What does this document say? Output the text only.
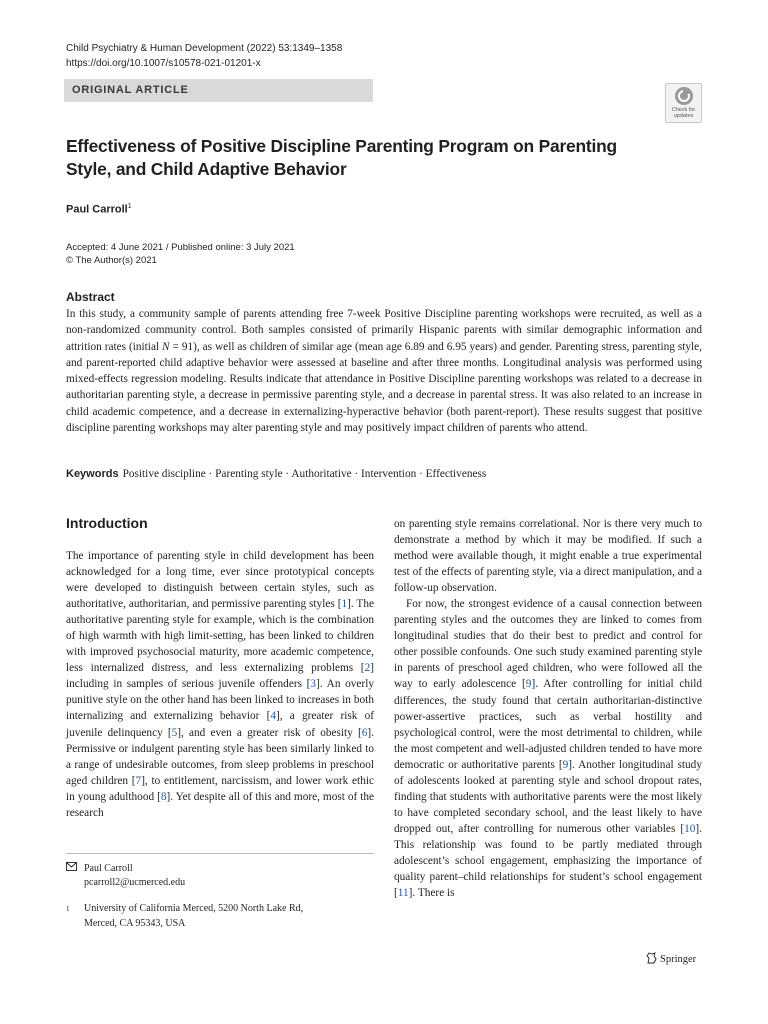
Child Psychiatry & Human Development (2022) 53:1349–1358
https://doi.org/10.1007/s10578-021-01201-x
ORIGINAL ARTICLE
Check for
updates
Effectiveness of Positive Discipline Parenting Program on Parenting Style, and Child Adaptive Behavior
Paul Carroll$^1$
Accepted: 4 June 2021 / Published online: 3 July 2021
© The Author(s) 2021
Abstract

In this study, a community sample of parents attending free 7-week Positive Discipline parenting workshops were recruited, as well as a non-randomized community control. Both samples consisted of primarily Hispanic parents with similar demographic information and attrition rates (initial N = 91), as well as children of similar age (mean age 6.89 and 6.95 years) and gender. Parenting stress, parenting style, and parent-reported child adaptive behavior were assessed at baseline and after three months. Longitudinal analysis was performed using mixed-effects regression modeling. Results indicate that attendance in Positive Discipline parenting workshops was related to a decrease in authoritarian parenting style, a decrease in permissive parenting style, and a decrease in parental stress. It was also related to an increase in child academic competence, and a decrease in externalizing-hyperactive behavior (both parent-report). These results suggest that positive discipline parenting workshops may alter parenting style and may positively impact children of parents who attend.

Keywords Positive discipline · Parenting style · Authoritative · Intervention · Effectiveness
Introduction

The importance of parenting style in child development has been acknowledged for a long time, ever since prototypical concepts were developed to distinguish between certain styles, such as authoritative, authoritarian, and permissive parenting styles [1]. The authoritative parenting style for example, which is the combination of high warmth with high limit-setting, has been linked to children with improved psychosocial maturity, more academic competence, less internalized distress, and less externalizing problems [2] including in samples of serious juvenile offenders [3]. An overly punitive style on the other hand has been linked to increases in both internalizing and externalizing behavior [4], a greater risk of juvenile delinquency [5], and even a greater risk of obesity [6]. Permissive or indulgent parenting style has been similarly linked to a range of undesirable outcomes, from sleep problems in preschool aged children [7], to entitlement, narcissism, and lower work ethic in young adulthood [8]. Yet despite all of this and more, most of the research

on parenting style remains correlational. Nor is there very much to demonstrate a method by which it may be modified. If such a method were available though, it might enable a true experimental test of the effects of parenting style, via a direct manipulation, and a follow-up observation.

For now, the strongest evidence of a causal connection between parenting styles and the outcomes they are linked to comes from longitudinal studies that do their best to predict and control for other possible confounds. One such study examined parenting style in parents of preschool aged children, who were followed all the way to early adolescence [9]. After controlling for initial child differences, the study found that certain authoritarian-distinctive power-assertive practices, such as verbal hostility and psychological control, were the most detrimental to children, while the most competent and well-adjusted children tended to have more democratic or authoritative parents [9]. Another longitudinal study of adolescents looked at parenting style and school dropout rates, finding that students with authoritative parents were the most likely to have completed secondary school, and the least likely to have dropped out, after controlling for numerous other variables [10]. This relationship was found to be partly mediated through adolescent’s school engagement, emphasizing the importance of quality parent–child relationships for student’s school engagement [11]. There is

Paul Carroll
pcarroll2@ucmerced.edu
1 University of California Merced, 5200 North Lake Rd,
Merced, CA 95343, USA
Springer
